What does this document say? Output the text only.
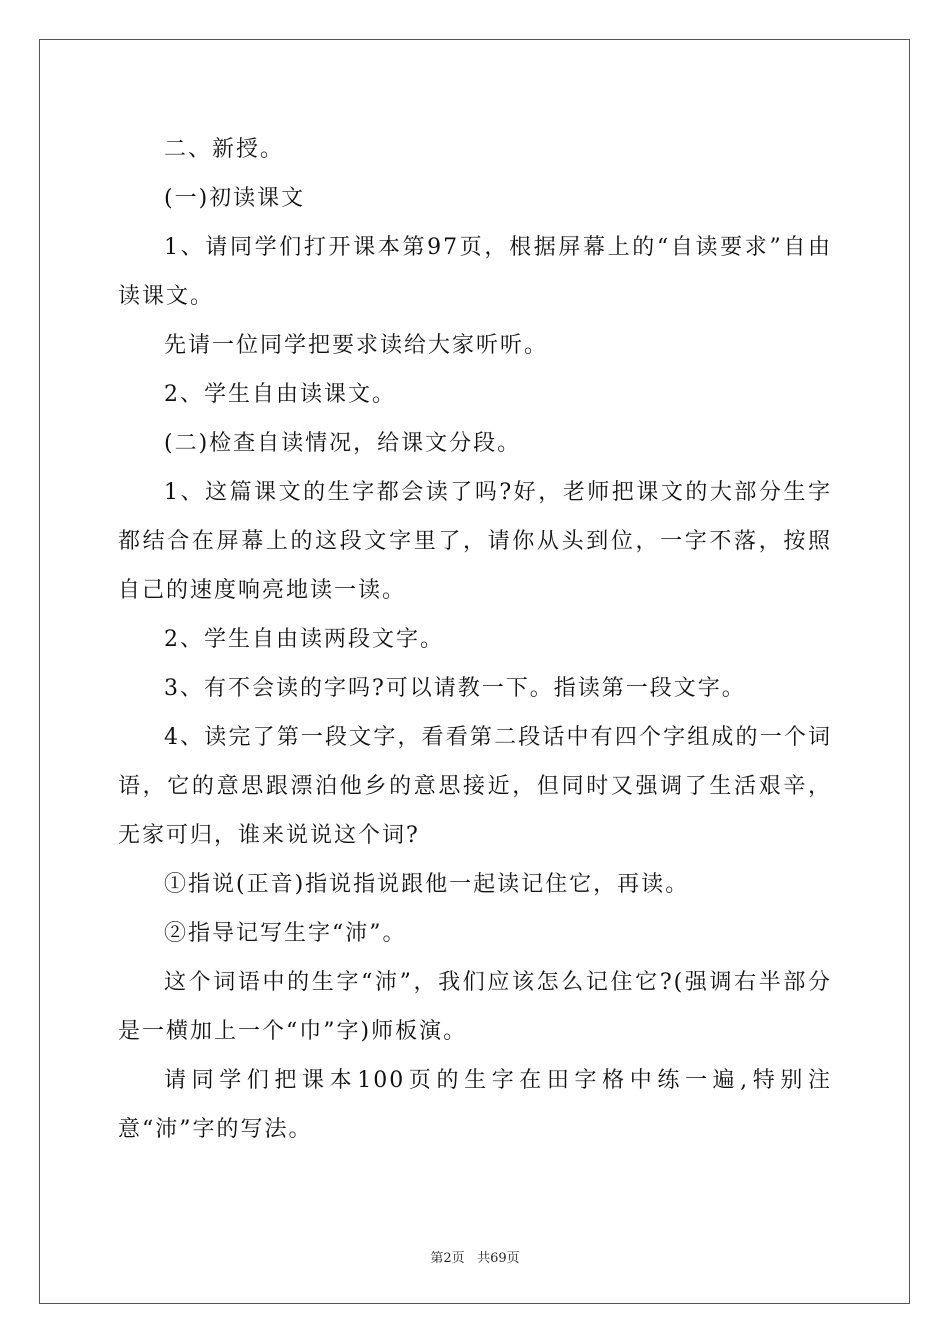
二、新授。

(一)初读课文

1、请同学们打开课本第97页，根据屏幕上的“自读要求”自由读课文。

先请一位同学把要求读给大家听听。

2、学生自由读课文。

(二)检查自读情况，给课文分段。

1、这篇课文的生字都会读了吗?好，老师把课文的大部分生字都结合在屏幕上的这段文字里了，请你从头到位，一字不落，按照自己的速度响亮地读一读。

2、学生自由读两段文字。

3、有不会读的字吗?可以请教一下。指读第一段文字。

4、读完了第一段文字，看看第二段话中有四个字组成的一个词语，它的意思跟漂泊他乡的意思接近，但同时又强调了生活艰辛，无家可归，谁来说说这个词?

①指说(正音)指说指说跟他一起读记住它，再读。

②指导记写生字“沛”。

这个词语中的生字“沛”，我们应该怎么记住它?(强调右半部分是一横加上一个“巾”字)师板演。

请同学们把课本100页的生字在田字格中练一遍,特别注意“沛”字的写法。

第2页 共69页
